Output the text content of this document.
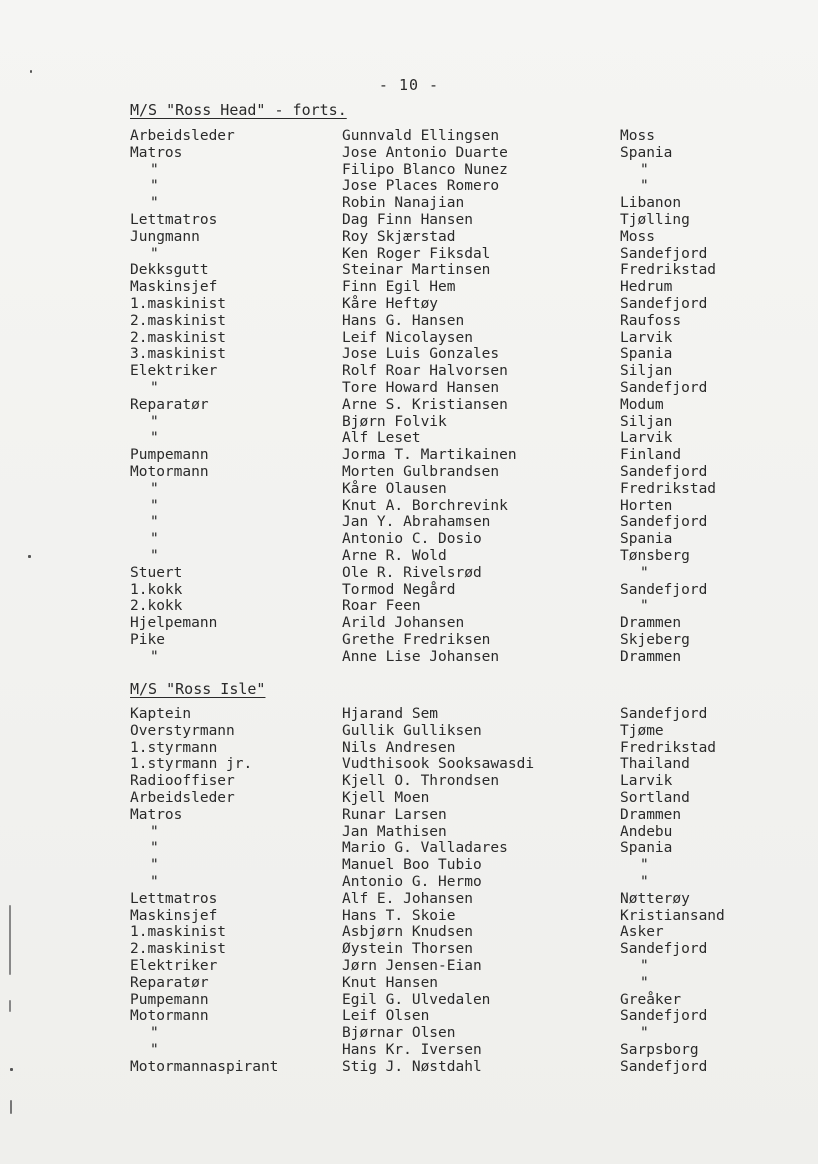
- 10 -
M/S "Ross Head" - forts.
Arbeidsleder	Gunnvald Ellingsen	Moss
Matros	Jose Antonio Duarte	Spania
"	Filipo Blanco Nunez	"
"	Jose Places Romero	"
"	Robin Nanajian	Libanon
Lettmatros	Dag Finn Hansen	Tjølling
Jungmann	Roy Skjærstad	Moss
"	Ken Roger Fiksdal	Sandefjord
Dekksgutt	Steinar Martinsen	Fredrikstad
Maskinsjef	Finn Egil Hem	Hedrum
1.maskinist	Kåre Heftøy	Sandefjord
2.maskinist	Hans G. Hansen	Raufoss
2.maskinist	Leif Nicolaysen	Larvik
3.maskinist	Jose Luis Gonzales	Spania
Elektriker	Rolf Roar Halvorsen	Siljan
"	Tore Howard Hansen	Sandefjord
Reparatør	Arne S. Kristiansen	Modum
"	Bjørn Folvik	Siljan
"	Alf Leset	Larvik
Pumpemann	Jorma T. Martikainen	Finland
Motormann	Morten Gulbrandsen	Sandefjord
"	Kåre Olausen	Fredrikstad
"	Knut A. Borchrevink	Horten
"	Jan Y. Abrahamsen	Sandefjord
"	Antonio C. Dosio	Spania
"	Arne R. Wold	Tønsberg
Stuert	Ole R. Rivelsrød	"
1.kokk	Tormod Negård	Sandefjord
2.kokk	Roar Feen	"
Hjelpemann	Arild Johansen	Drammen
Pike	Grethe Fredriksen	Skjeberg
"	Anne Lise Johansen	Drammen
M/S "Ross Isle"
Kaptein	Hjarand Sem	Sandefjord
Overstyrmann	Gullik Gulliksen	Tjøme
1.styrmann	Nils Andresen	Fredrikstad
1.styrmann jr.	Vudthisook Sooksawasdi	Thailand
Radiooffiser	Kjell O. Throndsen	Larvik
Arbeidsleder	Kjell Moen	Sortland
Matros	Runar Larsen	Drammen
"	Jan Mathisen	Andebu
"	Mario G. Valladares	Spania
"	Manuel Boo Tubio	"
"	Antonio G. Hermo	"
Lettmatros	Alf E. Johansen	Nøtterøy
Maskinsjef	Hans T. Skoie	Kristiansand
1.maskinist	Asbjørn Knudsen	Asker
2.maskinist	Øystein Thorsen	Sandefjord
Elektriker	Jørn Jensen-Eian	"
Reparatør	Knut Hansen	"
Pumpemann	Egil G. Ulvedalen	Greåker
Motormann	Leif Olsen	Sandefjord
"	Bjørnar Olsen	"
"	Hans Kr. Iversen	Sarpsborg
Motormannaspirant	Stig J. Nøstdahl	Sandefjord
